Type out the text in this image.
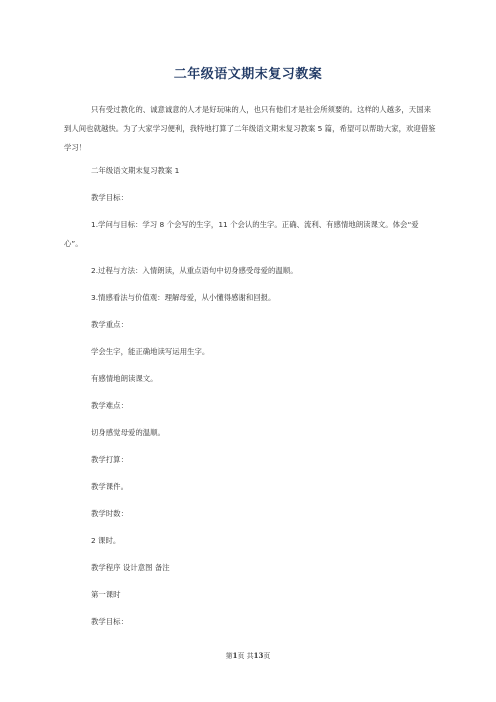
二年级语文期末复习教案

只有受过教化的、诚意诚意的人才是好玩味的人，也只有他们才是社会所须要的。这样的人越多，天国来到人间也就越快。为了大家学习便利，我特地打算了二年级语文期末复习教案 5 篇，希望可以帮助大家，欢迎借鉴学习！

二年级语文期末复习教案 1
教学目标：
1.学问与目标：学习 8 个会写的生字，11 个会认的生字。正确、流利、有感情地朗读课文。体会“爱心”。
2.过程与方法：入情朗读，从重点语句中切身感受母爱的温顺。
3.情感看法与价值观：理解母爱，从小懂得感谢和回报。
教学重点：
学会生字，能正确地读写运用生字。
有感情地朗读课文。
教学难点：
切身感觉母爱的温顺。
教学打算：
教学课件。
教学时数：
2 课时。
教学程序 设计意图 备注
第一课时
教学目标：
第1页 共13页
